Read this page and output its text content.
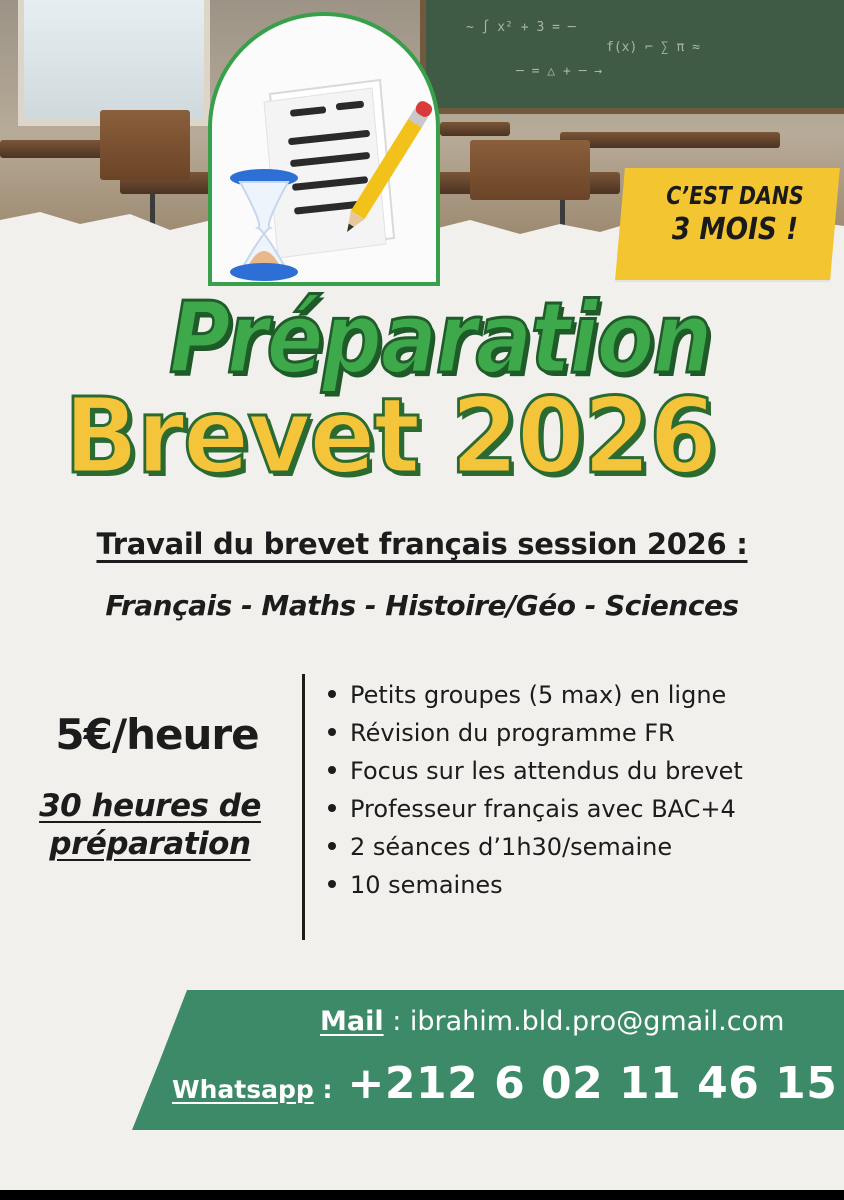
~ ∫ x² + 3 = ─
f(x) ⌐ ∑ π ≈
─ = △ + ─ →
C’EST DANS
3 MOIS !
Préparation
Brevet 2026
Travail du brevet français session 2026 :
Français - Maths - Histoire/Géo - Sciences
5€/heure
30 heures de
préparation
Petits groupes (5 max) en ligne
Révision du programme FR
Focus sur les attendus du brevet
Professeur français avec BAC+4
2 séances d’1h30/semaine
10 semaines
Mail : ibrahim.bld.pro@gmail.com
Whatsapp : +212 6 02 11 46 15
